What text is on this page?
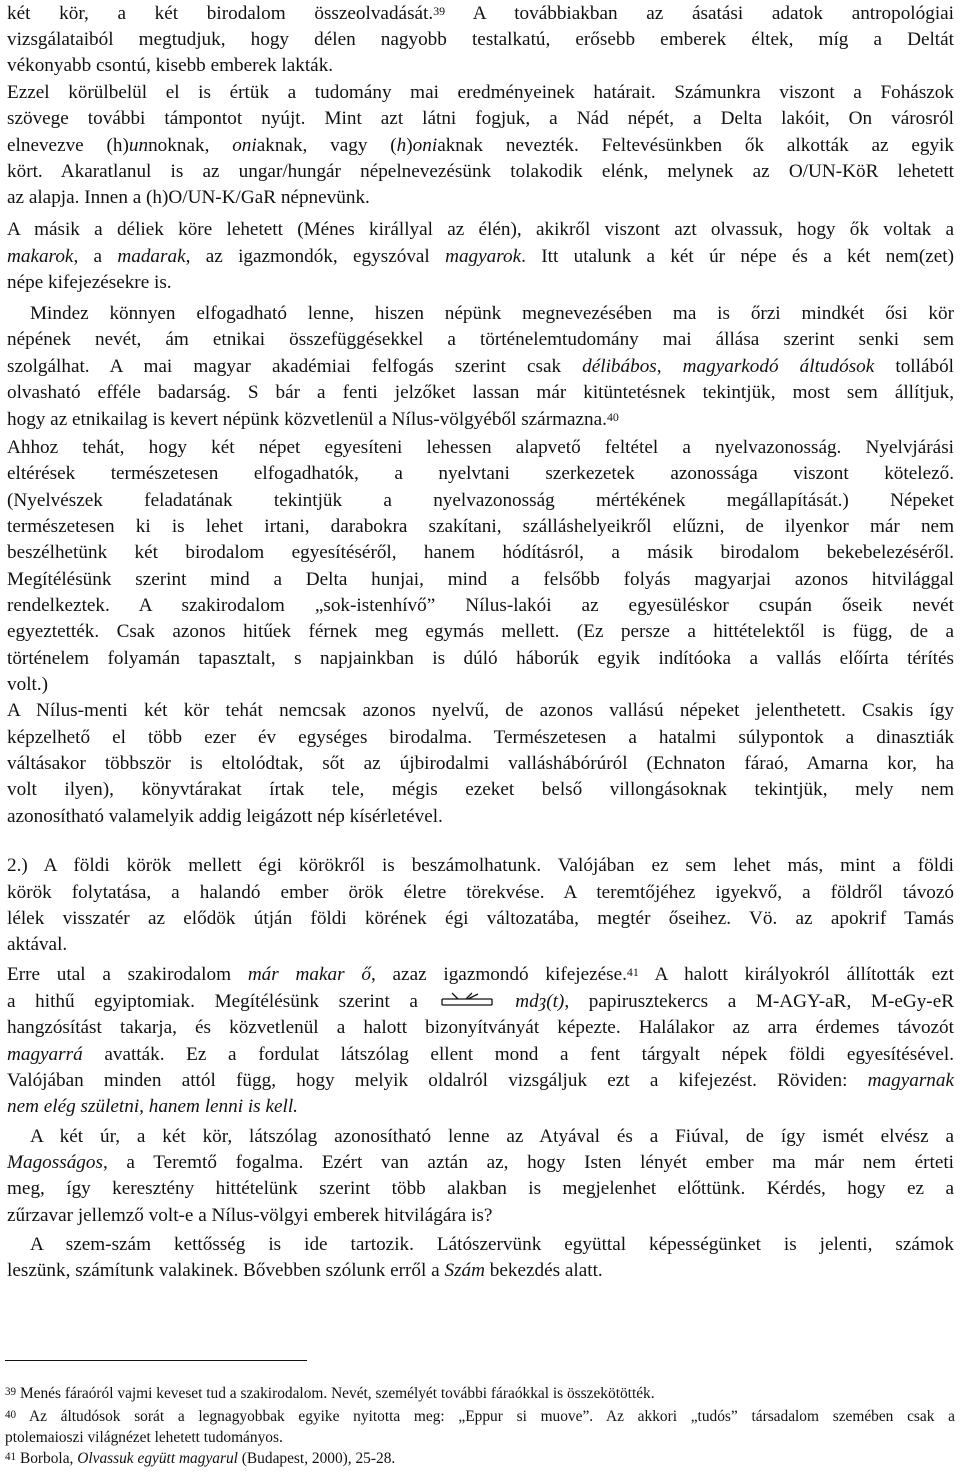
két kör, a két birodalom összeolvadását.$^{39}$ A továbbiakban az ásatási adatok antropológiai
vizsgálataiból megtudjuk, hogy délen nagyobb testalkatú, erősebb emberek éltek, míg a Deltát
vékonyabb csontú, kisebb emberek lakták.
Ezzel körülbelül el is értük a tudomány mai eredményeinek határait. Számunkra viszont a Fohászok
szövege további támpontot nyújt. Mint azt látni fogjuk, a Nád népét, a Delta lakóit, On városról
elnevezve (h)unnoknak, oniaknak, vagy (h)oniaknak nevezték. Feltevésünkben ők alkották az egyik
kört. Akaratlanul is az ungar/hungár népelnevezésünk tolakodik elénk, melynek az O/UN-KöR lehetett
az alapja. Innen a (h)O/UN-K/GaR népnevünk.
A másik a déliek köre lehetett (Ménes királlyal az élén), akikről viszont azt olvassuk, hogy ők voltak a
makarok, a madarak, az igazmondók, egyszóval magyarok. Itt utalunk a két úr népe és a két nem(zet)
népe kifejezésekre is.
Mindez könnyen elfogadható lenne, hiszen népünk megnevezésében ma is őrzi mindkét ősi kör
népének nevét, ám etnikai összefüggésekkel a történelemtudomány mai állása szerint senki sem
szolgálhat. A mai magyar akadémiai felfogás szerint csak délibábos, magyarkodó áltudósok tollából
olvasható efféle badarság. S bár a fenti jelzőket lassan már kitüntetésnek tekintjük, most sem állítjuk,
hogy az etnikailag is kevert népünk közvetlenül a Nílus-völgyéből származna.$^{40}$
Ahhoz tehát, hogy két népet egyesíteni lehessen alapvető feltétel a nyelvazonosság. Nyelvjárási
eltérések természetesen elfogadhatók, a nyelvtani szerkezetek azonossága viszont kötelező.
(Nyelvészek feladatának tekintjük a nyelvazonosság mértékének megállapítását.) Népeket
természetesen ki is lehet irtani, darabokra szakítani, szálláshelyeikről elűzni, de ilyenkor már nem
beszélhetünk két birodalom egyesítéséről, hanem hódításról, a másik birodalom bekebelezéséről.
Megítélésünk szerint mind a Delta hunjai, mind a felsőbb folyás magyarjai azonos hitvilággal
rendelkeztek. A szakirodalom „sok-istenhívő” Nílus-lakói az egyesüléskor csupán őseik nevét
egyeztették. Csak azonos hitűek férnek meg egymás mellett. (Ez persze a hittételektől is függ, de a
történelem folyamán tapasztalt, s napjainkban is dúló háborúk egyik indítóoka a vallás előírta térítés
volt.)
A Nílus-menti két kör tehát nemcsak azonos nyelvű, de azonos vallású népeket jelenthetett. Csakis így
képzelhető el több ezer év egységes birodalma. Természetesen a hatalmi súlypontok a dinasztiák
váltásakor többször is eltolódtak, sőt az újbirodalmi valláshábórúról (Echnaton fáraó, Amarna kor, ha
volt ilyen), könyvtárakat írtak tele, mégis ezeket belső villongásoknak tekintjük, mely nem
azonosítható valamelyik addig leigázott nép kísérletével.
2.) A földi körök mellett égi körökről is beszámolhatunk. Valójában ez sem lehet más, mint a földi
körök folytatása, a halandó ember örök életre törekvése. A teremtőjéhez igyekvő, a földről távozó
lélek visszatér az elődök útján földi körének égi változatába, megtér őseihez. Vö. az apokrif Tamás
aktával.
Erre utal a szakirodalom már makar ő, azaz igazmondó kifejezése.$^{41}$ A halott királyokról állították ezt
a hithű egyiptomiak. Megítélésünk szerint a	mdȝ(t), papirusztekercs a M-AGY-aR, M-eGy-eR
hangzósítást takarja, és közvetlenül a halott bizonyítványát képezte. Halálakor az arra érdemes távozót
magyarrá avatták. Ez a fordulat látszólag ellent mond a fent tárgyalt népek földi egyesítésével.
Valójában minden attól függ, hogy melyik oldalról vizsgáljuk ezt a kifejezést. Röviden: magyarnak
nem elég születni, hanem lenni is kell.
A két úr, a két kör, látszólag azonosítható lenne az Atyával és a Fiúval, de így ismét elvész a
Magosságos, a Teremtő fogalma. Ezért van aztán az, hogy Isten lényét ember ma már nem érteti
meg, így keresztény hittételünk szerint több alakban is megjelenhet előttünk. Kérdés, hogy ez a
zűrzavar jellemző volt-e a Nílus-völgyi emberek hitvilágára is?
A szem-szám kettősség is ide tartozik. Látószervünk együttal képességünket is jelenti, számok
leszünk, számítunk valakinek. Bővebben szólunk erről a Szám bekezdés alatt.
$^{39}$ Menés fáraóról vajmi keveset tud a szakirodalom. Nevét, személyét további fáraókkal is összekötötték.
$^{40}$ Az áltudósok sorát a legnagyobbak egyike nyitotta meg: „Eppur si muove”. Az akkori „tudós” társadalom szemében csak a
ptolemaioszi világnézet lehetett tudományos.
$^{41}$ Borbola, Olvassuk együtt magyarul (Budapest, 2000), 25-28.
